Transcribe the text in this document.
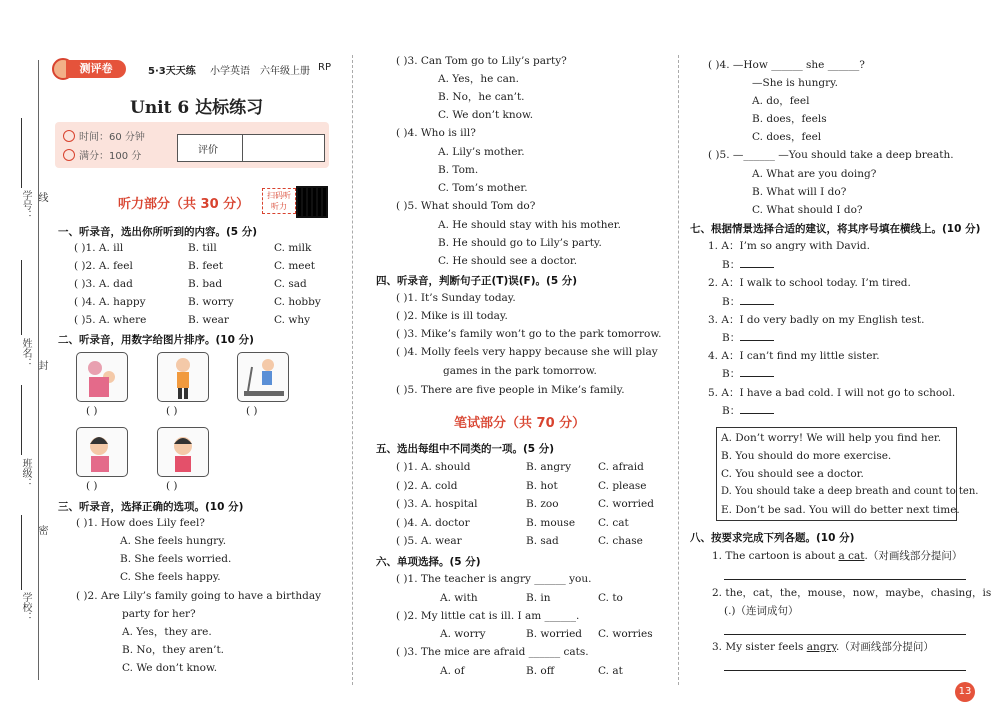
学号： 线
姓名： 封
班级：
密
学校：
测评卷	5·3天天练 小学英语 六年级上册 RP
Unit 6 达标练习
时间：60 分钟
满分：100 分
评价
听力部分（共 30 分）
扫码听听力
一、听录音，选出你所听到的内容。(5 分)
( )1. A. ill	B. till	C. milk
( )2. A. feel	B. feet	C. meet
( )3. A. dad	B. bad	C. sad
( )4. A. happy	B. worry	C. hobby
( )5. A. where	B. wear	C. why
二、听录音，用数字给图片排序。(10 分)
( )	( )	( )
( )	( )
三、听录音，选择正确的选项。(10 分)
( )1. How does Lily feel?
A. She feels hungry.
B. She feels worried.
C. She feels happy.
( )2. Are Lily’s family going to have a birthday
party for her?
A. Yes，they are.
B. No，they aren’t.
C. We don’t know.
( )3. Can Tom go to Lily’s party?
A. Yes，he can.
B. No，he can’t.
C. We don’t know.
( )4. Who is ill?
A. Lily’s mother.
B. Tom.
C. Tom’s mother.
( )5. What should Tom do?
A. He should stay with his mother.
B. He should go to Lily’s party.
C. He should see a doctor.
四、听录音，判断句子正(T)误(F)。(5 分)
( )1. It’s Sunday today.
( )2. Mike is ill today.
( )3. Mike’s family won’t go to the park tomorrow.
( )4. Molly feels very happy because she will play
games in the park tomorrow.
( )5. There are five people in Mike’s family.
笔试部分（共 70 分）
五、选出每组中不同类的一项。(5 分)
( )1. A. should	B. angry	C. afraid
( )2. A. cold	B. hot	C. please
( )3. A. hospital	B. zoo	C. worried
( )4. A. doctor	B. mouse C. cat
( )5. A. wear	B. sad	C. chase
六、单项选择。(5 分)
( )1. The teacher is angry ______ you.
A. with	B. in	C. to
( )2. My little cat is ill. I am ______.
A. worry	B. worried C. worries
( )3. The mice are afraid ______ cats.
A. of	B. off	C. at
( )4. —How ______ she ______?
—She is hungry.
A. do，feel
B. does，feels
C. does，feel
( )5. —______ —You should take a deep breath.
A. What are you doing?
B. What will I do?
C. What should I do?
七、根据情景选择合适的建议，将其序号填在横线上。(10 分)
1. A：I’m so angry with David.
B：
2. A：I walk to school today. I’m tired.
B：
3. A：I do very badly on my English test.
B：
4. A：I can’t find my little sister.
B：
5. A：I have a bad cold. I will not go to school.
B：
A. Don’t worry! We will help you find her.
B. You should do more exercise.
C. You should see a doctor.
D. You should take a deep breath and count to ten.
E. Don’t be sad. You will do better next time.
八、按要求完成下列各题。(10 分)
1. The cartoon is about a cat.（对画线部分提问）
2. the，cat，the，mouse，now，maybe，chasing，is
(.)（连词成句）
3. My sister feels angry.（对画线部分提问）
13
